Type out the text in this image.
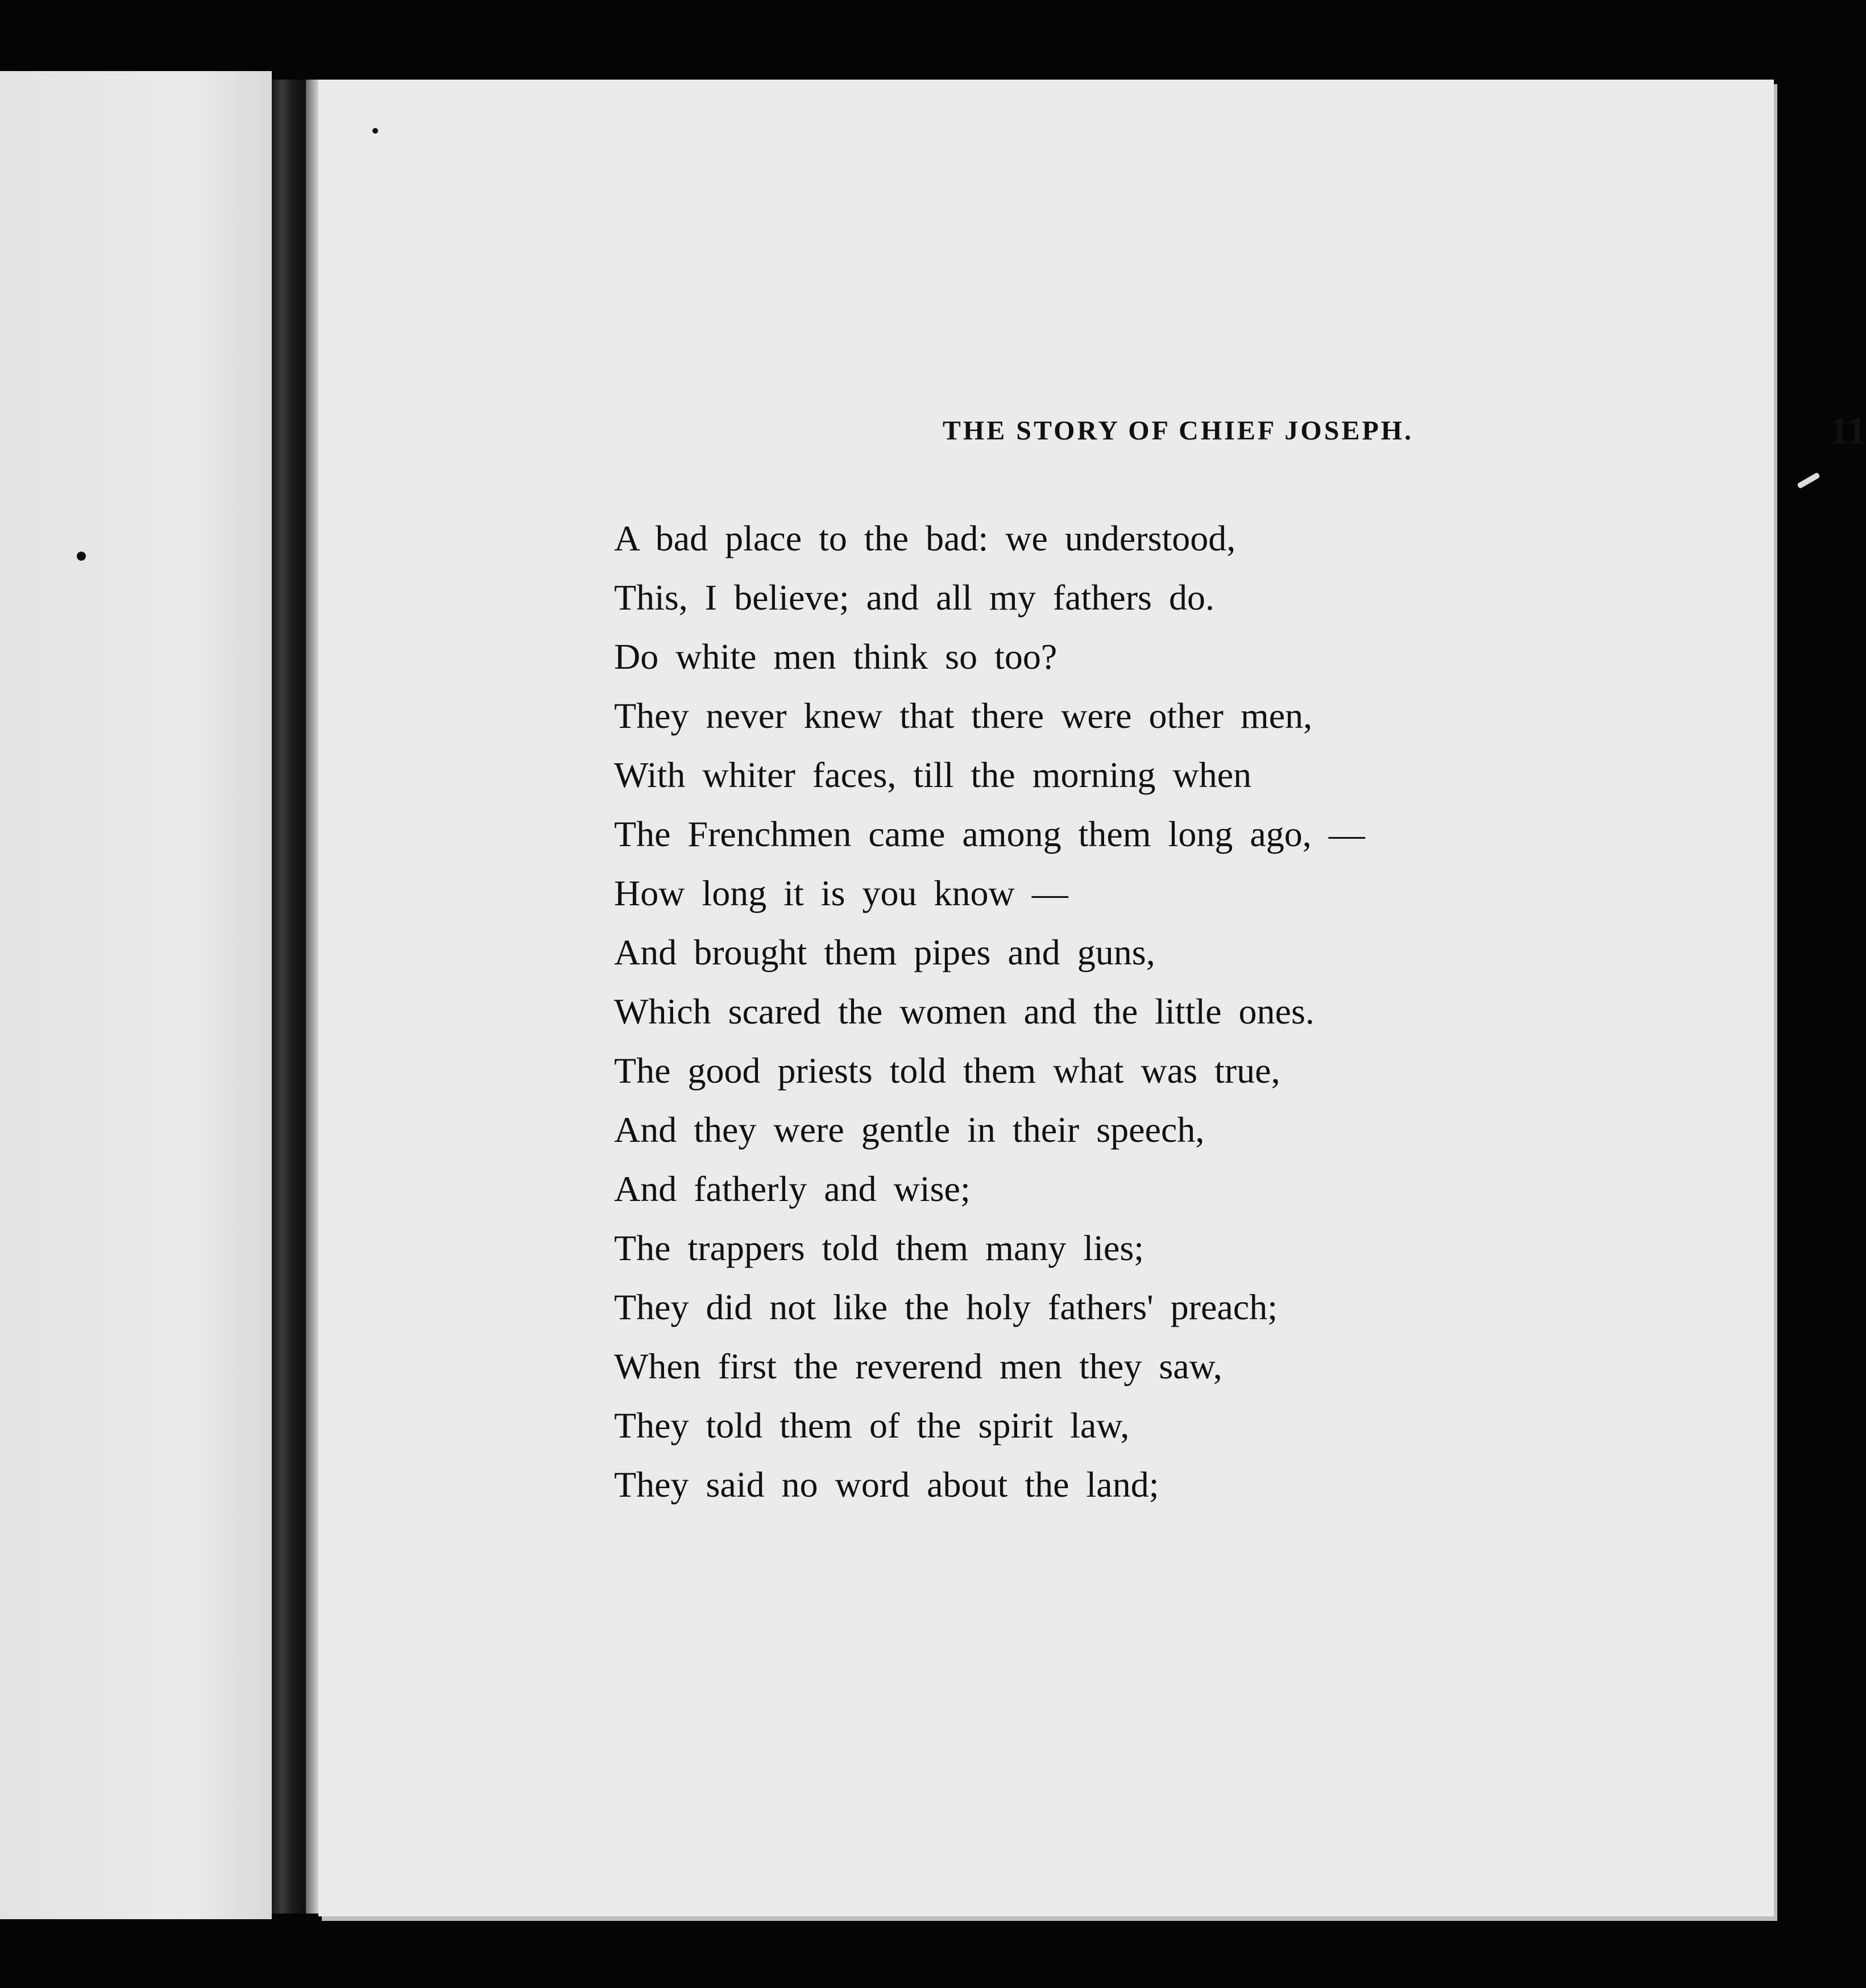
THE STORY OF CHIEF JOSEPH.	11
A bad place to the bad: we understood,
This, I believe; and all my fathers do.
Do white men think so too?
They never knew that there were other men,
With whiter faces, till the morning when
The Frenchmen came among them long ago, —
How long it is you know —
And brought them pipes and guns,
Which scared the women and the little ones.
The good priests told them what was true,
And they were gentle in their speech,
And fatherly and wise;
The trappers told them many lies;
They did not like the holy fathers' preach;
When first the reverend men they saw,
They told them of the spirit law,
They said no word about the land;
